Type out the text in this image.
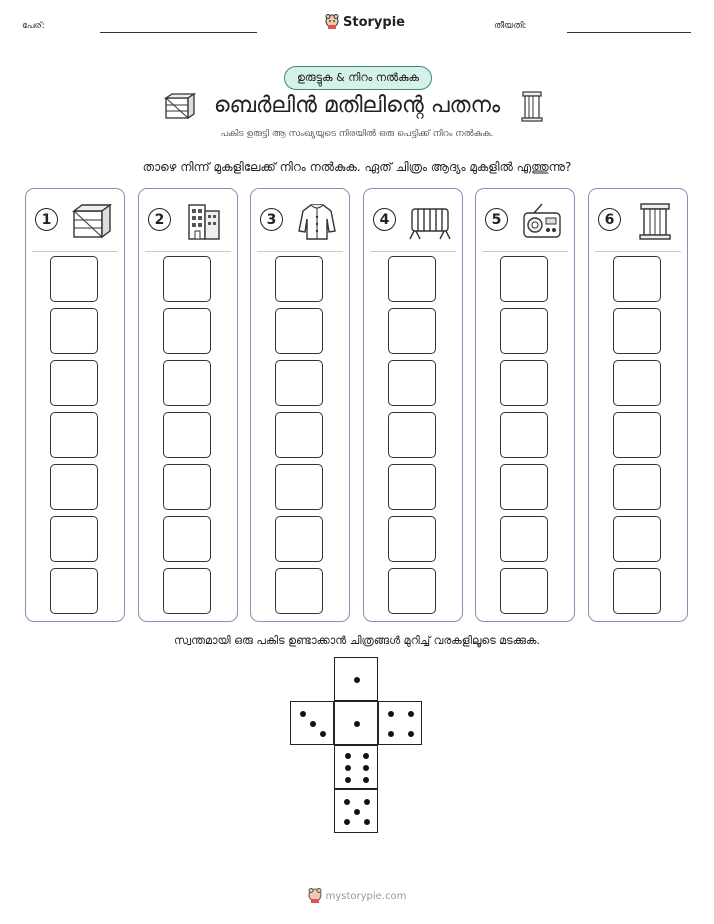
പേര്:	Storypie	തീയതി:
ഉരുട്ടുക & നിറം നൽകുക
ബെർലിൻ മതിലിന്റെ പതനം
പകിട ഉരുട്ടി ആ സംഖ്യയുടെ നിരയിൽ ഒരു പെട്ടിക്ക് നിറം നൽകുക.
താഴെ നിന്ന് മുകളിലേക്ക് നിറം നൽകുക. ഏത് ചിത്രം ആദ്യം മുകളിൽ എത്തുന്നു?
1	2	3	4	5	6
സ്വന്തമായി ഒരു പകിട ഉണ്ടാക്കാൻ ചിത്രങ്ങൾ മുറിച്ച് വരകളിലൂടെ മടക്കുക.
mystorypie.com
